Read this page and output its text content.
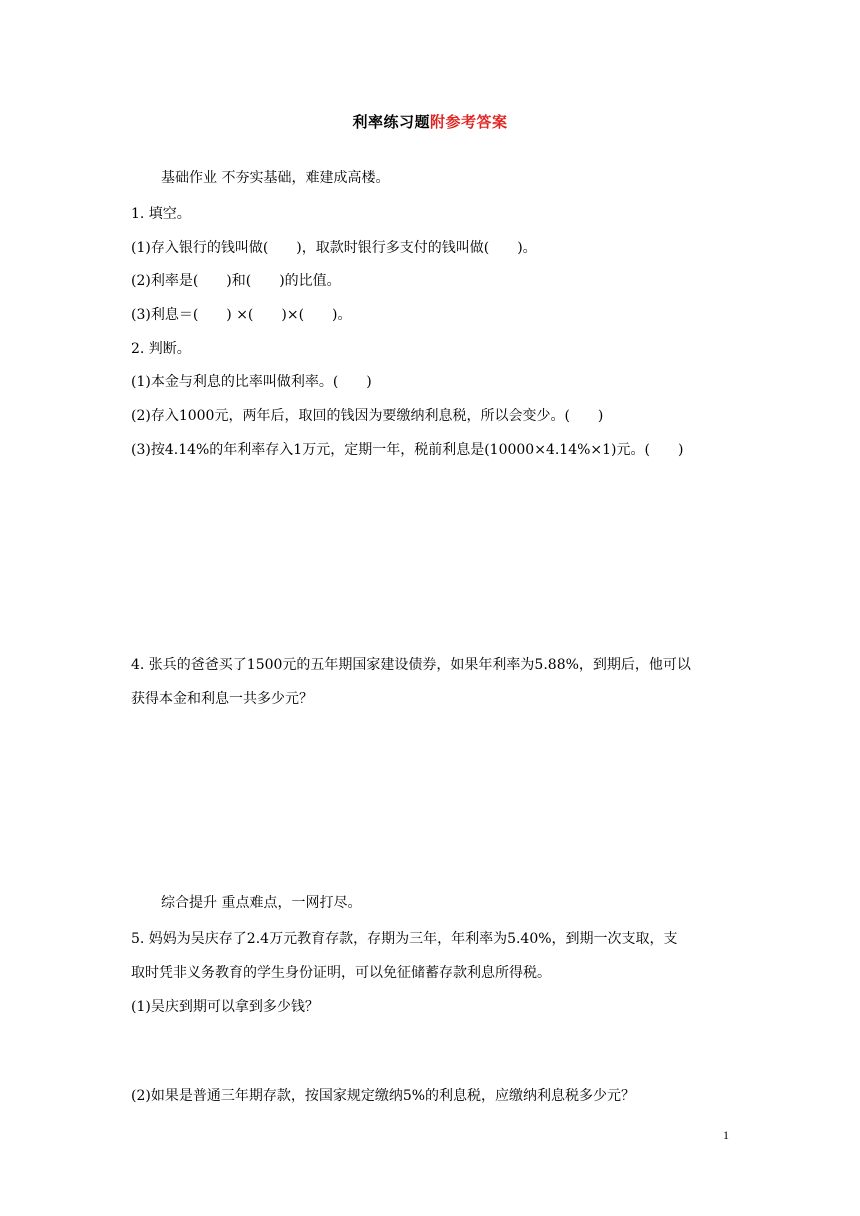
利率练习题附参考答案
基础作业 不夯实基础，难建成高楼。
1. 填空。
(1)存入银行的钱叫做(　　)，取款时银行多支付的钱叫做(　　)。
(2)利率是(　　)和(　　)的比值。
(3)利息＝(　　) ×(　　)×(　　)。
2. 判断。
(1)本金与利息的比率叫做利率。(　　)
(2)存入1000元，两年后，取回的钱因为要缴纳利息税，所以会变少。(　　)
(3)按4.14%的年利率存入1万元，定期一年，税前利息是(10000×4.14%×1)元。(　　)
4. 张兵的爸爸买了1500元的五年期国家建设债券，如果年利率为5.88%，到期后，他可以
获得本金和利息一共多少元？
综合提升 重点难点，一网打尽。
5. 妈妈为吴庆存了2.4万元教育存款，存期为三年，年利率为5.40%，到期一次支取，支
取时凭非义务教育的学生身份证明，可以免征储蓄存款利息所得税。
(1)吴庆到期可以拿到多少钱？
(2)如果是普通三年期存款，按国家规定缴纳5%的利息税，应缴纳利息税多少元？
1
